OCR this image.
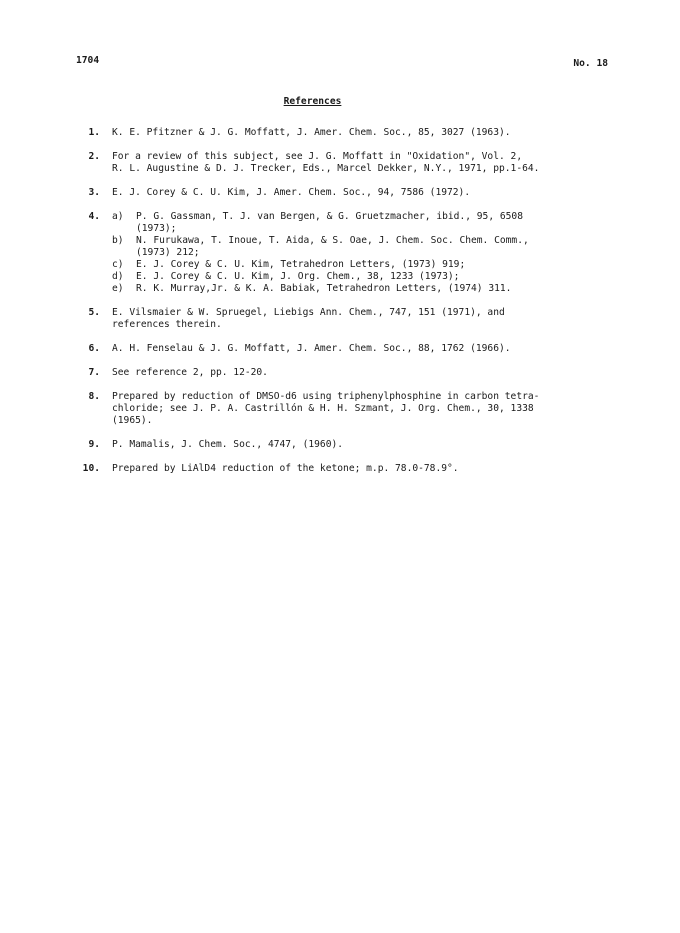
1704	No. 18
References
1. K. E. Pfitzner & J. G. Moffatt, J. Amer. Chem. Soc., 85, 3027 (1963).
2. For a review of this subject, see J. G. Moffatt in "Oxidation", Vol. 2,
R. L. Augustine & D. J. Trecker, Eds., Marcel Dekker, N.Y., 1971, pp.1-64.
3. E. J. Corey & C. U. Kim, J. Amer. Chem. Soc., 94, 7586 (1972).
4. a)	P. G. Gassman, T. J. van Bergen, & G. Gruetzmacher, ibid., 95, 6508
(1973);
b)	N. Furukawa, T. Inoue, T. Aida, & S. Oae, J. Chem. Soc. Chem. Comm.,
(1973) 212;
c)	E. J. Corey & C. U. Kim, Tetrahedron Letters, (1973) 919;
d)	E. J. Corey & C. U. Kim, J. Org. Chem., 38, 1233 (1973);
e)	R. K. Murray,Jr. & K. A. Babiak, Tetrahedron Letters, (1974) 311.
5. E. Vilsmaier & W. Spruegel, Liebigs Ann. Chem., 747, 151 (1971), and
references therein.
6. A. H. Fenselau & J. G. Moffatt, J. Amer. Chem. Soc., 88, 1762 (1966).
7. See reference 2, pp. 12-20.
8. Prepared by reduction of DMSO-d6 using triphenylphosphine in carbon tetra-
chloride; see J. P. A. Castrillón & H. H. Szmant, J. Org. Chem., 30, 1338
(1965).
9. P. Mamalis, J. Chem. Soc., 4747, (1960).
10. Prepared by LiAlD4 reduction of the ketone; m.p. 78.0-78.9°.
